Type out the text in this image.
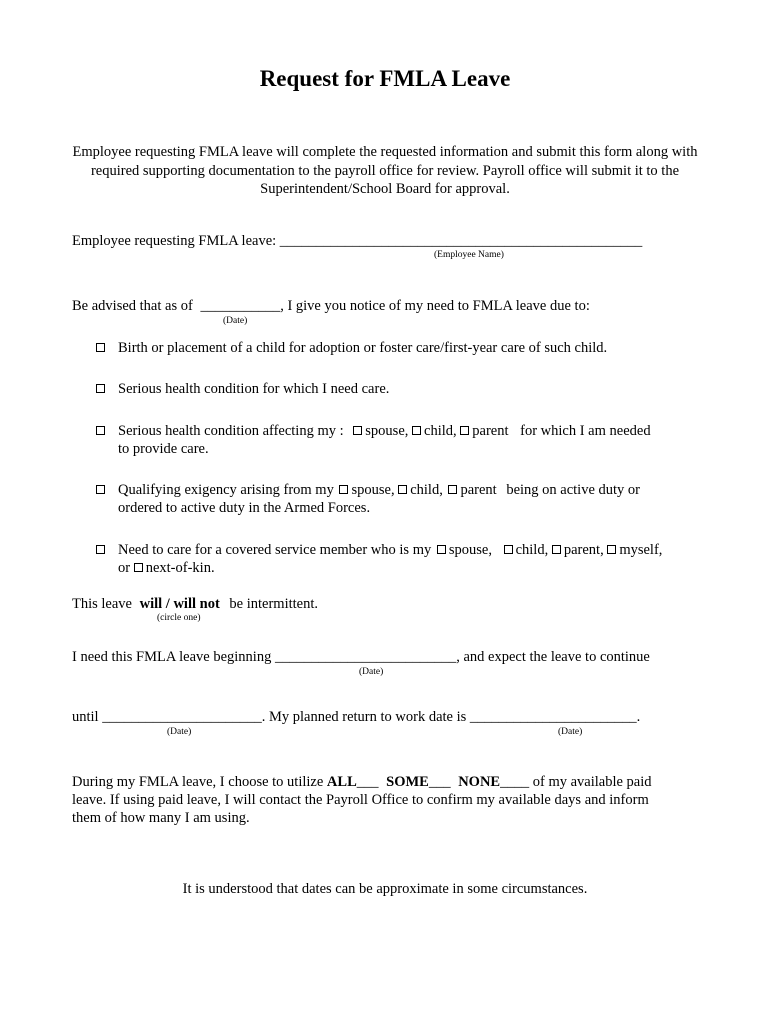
Request for FMLA Leave
Employee requesting FMLA leave will complete the requested information and submit this form along with required supporting documentation to the payroll office for review. Payroll office will submit it to the Superintendent/School Board for approval.
Employee requesting FMLA leave: __________________________________________________
(Employee Name)
Be advised that as of ___________, I give you notice of my need to FMLA leave due to:
(Date)
Birth or placement of a child for adoption or foster care/first-year care of such child.
Serious health condition for which I need care.
Serious health condition affecting my : spouse, child, parent for which I am needed
to provide care.
Qualifying exigency arising from my spouse, child, parent being on active duty or
ordered to active duty in the Armed Forces.
Need to care for a covered service member who is my spouse, child, parent, myself,
or next-of-kin.
This leave will / will not be intermittent.
(circle one)
I need this FMLA leave beginning _________________________, and expect the leave to continue
(Date)
until ______________________. My planned return to work date is _______________________.
(Date)	(Date)
During my FMLA leave, I choose to utilize ALL___ SOME___ NONE____ of my available paid
leave. If using paid leave, I will contact the Payroll Office to confirm my available days and inform
them of how many I am using.
It is understood that dates can be approximate in some circumstances.
